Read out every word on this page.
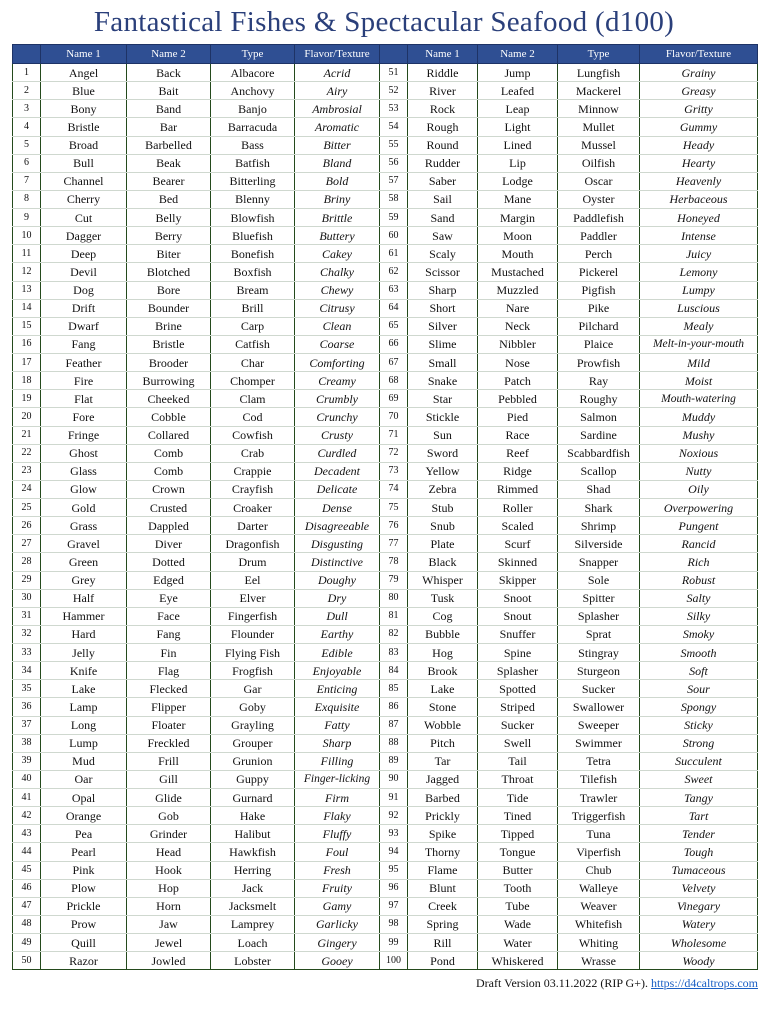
Fantastical Fishes & Spectacular Seafood (d100)
	Name 1	Name 2	Type	Flavor/Texture		Name 1	Name 2	Type	Flavor/Texture
1	Angel	Back	Albacore	Acrid	51	Riddle	Jump	Lungfish	Grainy
2	Blue	Bait	Anchovy	Airy	52	River	Leafed	Mackerel	Greasy
3	Bony	Band	Banjo	Ambrosial	53	Rock	Leap	Minnow	Gritty
4	Bristle	Bar	Barracuda	Aromatic	54	Rough	Light	Mullet	Gummy
5	Broad	Barbelled	Bass	Bitter	55	Round	Lined	Mussel	Heady
6	Bull	Beak	Batfish	Bland	56	Rudder	Lip	Oilfish	Hearty
7	Channel	Bearer	Bitterling	Bold	57	Saber	Lodge	Oscar	Heavenly
8	Cherry	Bed	Blenny	Briny	58	Sail	Mane	Oyster	Herbaceous
9	Cut	Belly	Blowfish	Brittle	59	Sand	Margin	Paddlefish	Honeyed
10	Dagger	Berry	Bluefish	Buttery	60	Saw	Moon	Paddler	Intense
11	Deep	Biter	Bonefish	Cakey	61	Scaly	Mouth	Perch	Juicy
12	Devil	Blotched	Boxfish	Chalky	62	Scissor	Mustached	Pickerel	Lemony
13	Dog	Bore	Bream	Chewy	63	Sharp	Muzzled	Pigfish	Lumpy
14	Drift	Bounder	Brill	Citrusy	64	Short	Nare	Pike	Luscious
15	Dwarf	Brine	Carp	Clean	65	Silver	Neck	Pilchard	Mealy
16	Fang	Bristle	Catfish	Coarse	66	Slime	Nibbler	Plaice	Melt-in-your-mouth
17	Feather	Brooder	Char	Comforting	67	Small	Nose	Prowfish	Mild
18	Fire	Burrowing	Chomper	Creamy	68	Snake	Patch	Ray	Moist
19	Flat	Cheeked	Clam	Crumbly	69	Star	Pebbled	Roughy	Mouth-watering
20	Fore	Cobble	Cod	Crunchy	70	Stickle	Pied	Salmon	Muddy
21	Fringe	Collared	Cowfish	Crusty	71	Sun	Race	Sardine	Mushy
22	Ghost	Comb	Crab	Curdled	72	Sword	Reef	Scabbardfish	Noxious
23	Glass	Comb	Crappie	Decadent	73	Yellow	Ridge	Scallop	Nutty
24	Glow	Crown	Crayfish	Delicate	74	Zebra	Rimmed	Shad	Oily
25	Gold	Crusted	Croaker	Dense	75	Stub	Roller	Shark	Overpowering
26	Grass	Dappled	Darter	Disagreeable	76	Snub	Scaled	Shrimp	Pungent
27	Gravel	Diver	Dragonfish	Disgusting	77	Plate	Scurf	Silverside	Rancid
28	Green	Dotted	Drum	Distinctive	78	Black	Skinned	Snapper	Rich
29	Grey	Edged	Eel	Doughy	79	Whisper	Skipper	Sole	Robust
30	Half	Eye	Elver	Dry	80	Tusk	Snoot	Spitter	Salty
31	Hammer	Face	Fingerfish	Dull	81	Cog	Snout	Splasher	Silky
32	Hard	Fang	Flounder	Earthy	82	Bubble	Snuffer	Sprat	Smoky
33	Jelly	Fin	Flying Fish	Edible	83	Hog	Spine	Stingray	Smooth
34	Knife	Flag	Frogfish	Enjoyable	84	Brook	Splasher	Sturgeon	Soft
35	Lake	Flecked	Gar	Enticing	85	Lake	Spotted	Sucker	Sour
36	Lamp	Flipper	Goby	Exquisite	86	Stone	Striped	Swallower	Spongy
37	Long	Floater	Grayling	Fatty	87	Wobble	Sucker	Sweeper	Sticky
38	Lump	Freckled	Grouper	Sharp	88	Pitch	Swell	Swimmer	Strong
39	Mud	Frill	Grunion	Filling	89	Tar	Tail	Tetra	Succulent
40	Oar	Gill	Guppy	Finger-licking	90	Jagged	Throat	Tilefish	Sweet
41	Opal	Glide	Gurnard	Firm	91	Barbed	Tide	Trawler	Tangy
42	Orange	Gob	Hake	Flaky	92	Prickly	Tined	Triggerfish	Tart
43	Pea	Grinder	Halibut	Fluffy	93	Spike	Tipped	Tuna	Tender
44	Pearl	Head	Hawkfish	Foul	94	Thorny	Tongue	Viperfish	Tough
45	Pink	Hook	Herring	Fresh	95	Flame	Butter	Chub	Tumaceous
46	Plow	Hop	Jack	Fruity	96	Blunt	Tooth	Walleye	Velvety
47	Prickle	Horn	Jacksmelt	Gamy	97	Creek	Tube	Weaver	Vinegary
48	Prow	Jaw	Lamprey	Garlicky	98	Spring	Wade	Whitefish	Watery
49	Quill	Jewel	Loach	Gingery	99	Rill	Water	Whiting	Wholesome
50	Razor	Jowled	Lobster	Gooey	100	Pond	Whiskered	Wrasse	Woody
Draft Version 03.11.2022 (RIP G+). https://d4caltrops.com
